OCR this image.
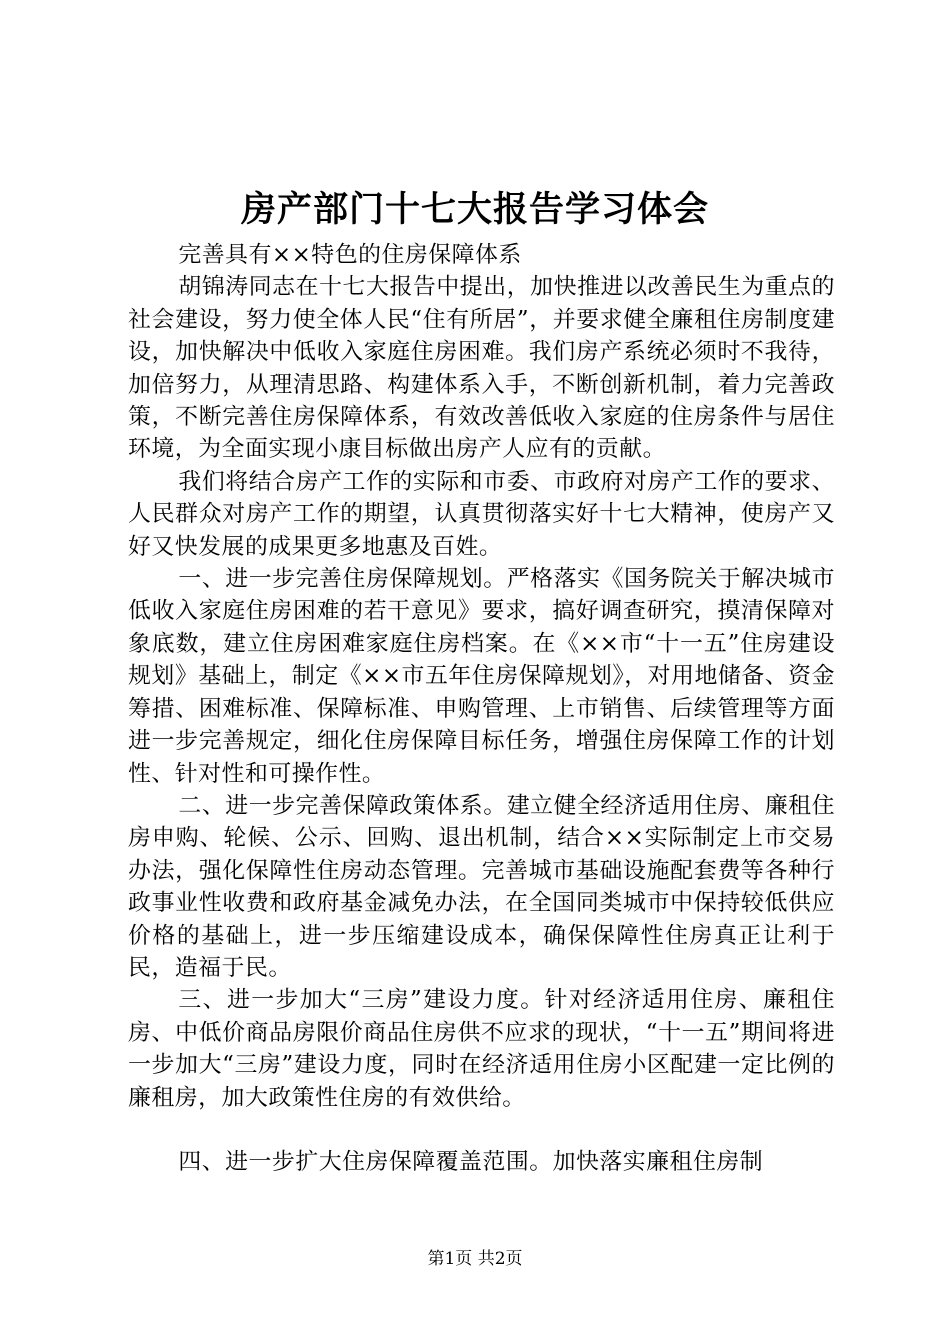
房产部门十七大报告学习体会

完善具有××特色的住房保障体系

胡锦涛同志在十七大报告中提出，加快推进以改善民生为重点的社会建设，努力使全体人民“住有所居”，并要求健全廉租住房制度建设，加快解决中低收入家庭住房困难。我们房产系统必须时不我待，加倍努力，从理清思路、构建体系入手，不断创新机制，着力完善政策，不断完善住房保障体系，有效改善低收入家庭的住房条件与居住环境，为全面实现小康目标做出房产人应有的贡献。

我们将结合房产工作的实际和市委、市政府对房产工作的要求、人民群众对房产工作的期望，认真贯彻落实好十七大精神，使房产又好又快发展的成果更多地惠及百姓。

一、进一步完善住房保障规划。严格落实《国务院关于解决城市低收入家庭住房困难的若干意见》要求，搞好调查研究，摸清保障对象底数，建立住房困难家庭住房档案。在《××市“十一五”住房建设规划》基础上，制定《××市五年住房保障规划》，对用地储备、资金筹措、困难标准、保障标准、申购管理、上市销售、后续管理等方面进一步完善规定，细化住房保障目标任务，增强住房保障工作的计划性、针对性和可操作性。

二、进一步完善保障政策体系。建立健全经济适用住房、廉租住房申购、轮候、公示、回购、退出机制，结合××实际制定上市交易办法，强化保障性住房动态管理。完善城市基础设施配套费等各种行政事业性收费和政府基金减免办法，在全国同类城市中保持较低供应价格的基础上，进一步压缩建设成本，确保保障性住房真正让利于民，造福于民。

三、进一步加大“三房”建设力度。针对经济适用住房、廉租住房、中低价商品房限价商品住房供不应求的现状，“十一五”期间将进一步加大“三房”建设力度，同时在经济适用住房小区配建一定比例的廉租房，加大政策性住房的有效供给。

四、进一步扩大住房保障覆盖范围。加快落实廉租住房制

第1页 共2页
